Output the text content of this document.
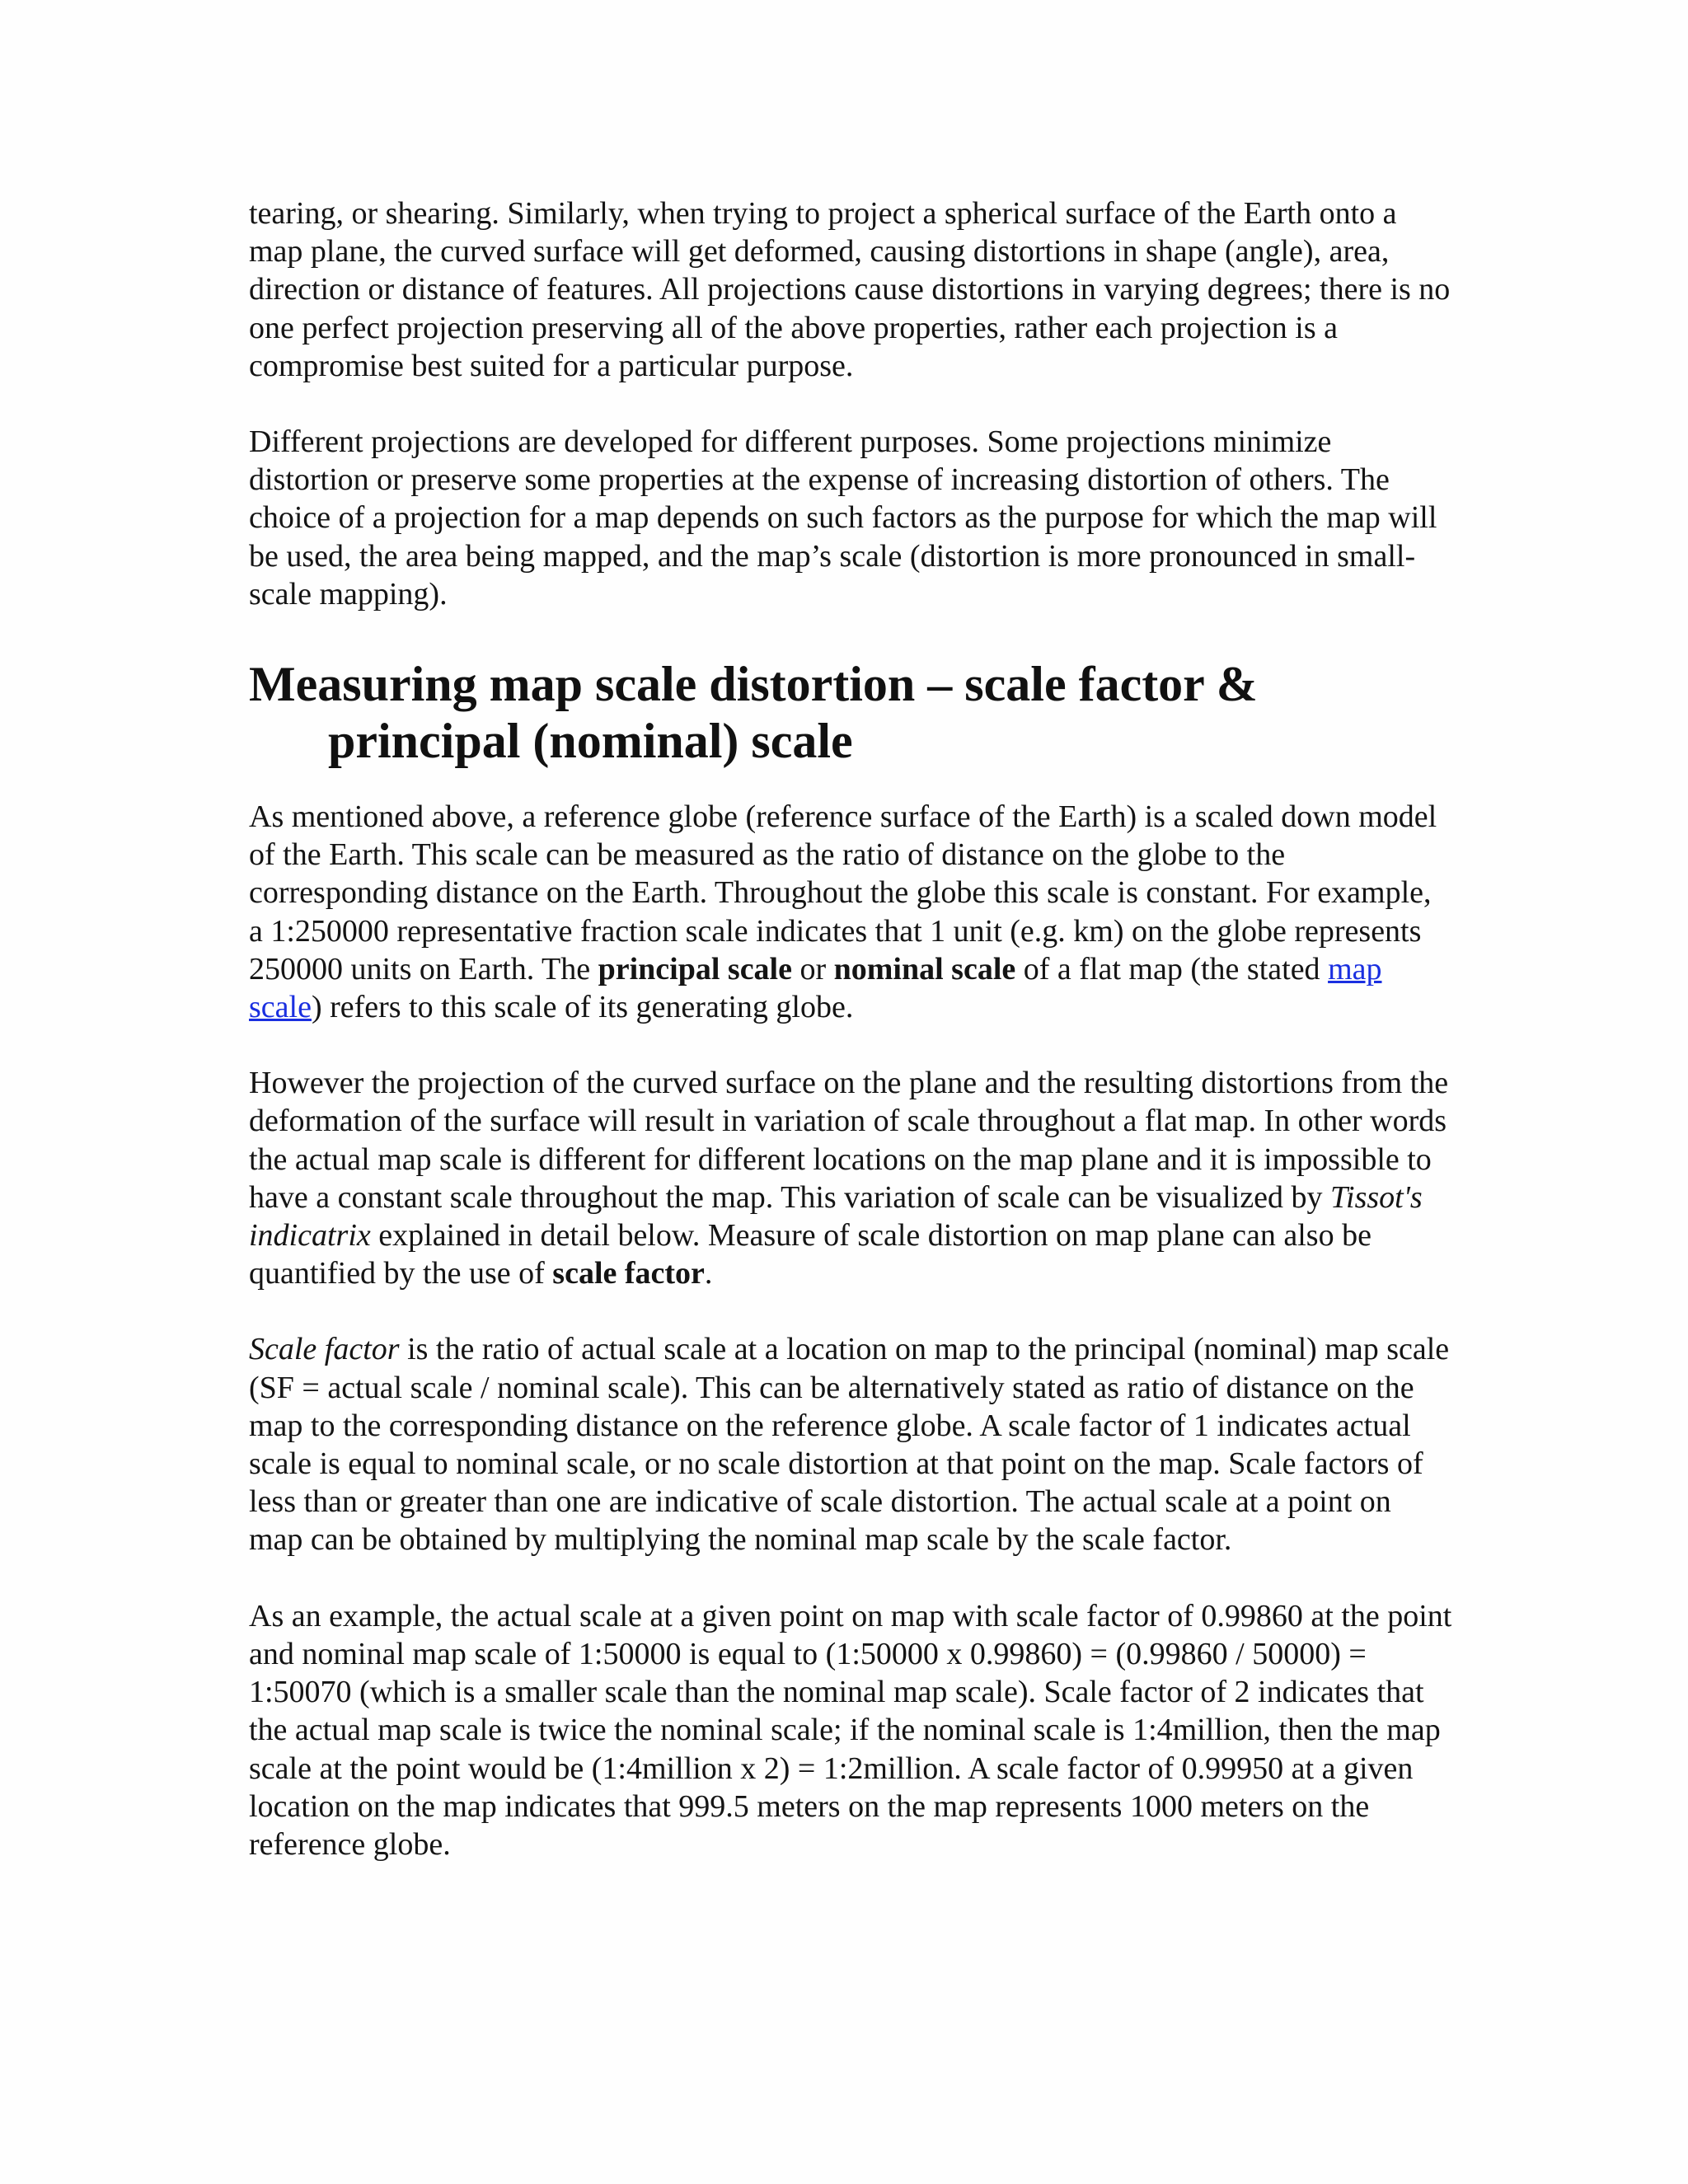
tearing, or shearing. Similarly, when trying to project a spherical surface of the Earth onto a map plane, the curved surface will get deformed, causing distortions in shape (angle), area, direction or distance of features. All projections cause distortions in varying degrees; there is no one perfect projection preserving all of the above properties, rather each projection is a compromise best suited for a particular purpose.

Different projections are developed for different purposes. Some projections minimize distortion or preserve some properties at the expense of increasing distortion of others. The choice of a projection for a map depends on such factors as the purpose for which the map will be used, the area being mapped, and the map’s scale (distortion is more pronounced in small-scale mapping).

Measuring map scale distortion – scale factor & principal (nominal) scale

As mentioned above, a reference globe (reference surface of the Earth) is a scaled down model of the Earth. This scale can be measured as the ratio of distance on the globe to the corresponding distance on the Earth. Throughout the globe this scale is constant. For example, a 1:250000 representative fraction scale indicates that 1 unit (e.g. km) on the globe represents 250000 units on Earth. The principal scale or nominal scale of a flat map (the stated map scale) refers to this scale of its generating globe.

However the projection of the curved surface on the plane and the resulting distortions from the deformation of the surface will result in variation of scale throughout a flat map. In other words the actual map scale is different for different locations on the map plane and it is impossible to have a constant scale throughout the map. This variation of scale can be visualized by Tissot's indicatrix explained in detail below. Measure of scale distortion on map plane can also be quantified by the use of scale factor.

Scale factor is the ratio of actual scale at a location on map to the principal (nominal) map scale (SF = actual scale / nominal scale). This can be alternatively stated as ratio of distance on the map to the corresponding distance on the reference globe. A scale factor of 1 indicates actual scale is equal to nominal scale, or no scale distortion at that point on the map. Scale factors of less than or greater than one are indicative of scale distortion. The actual scale at a point on map can be obtained by multiplying the nominal map scale by the scale factor.

As an example, the actual scale at a given point on map with scale factor of 0.99860 at the point and nominal map scale of 1:50000 is equal to (1:50000 x 0.99860) = (0.99860 / 50000) = 1:50070 (which is a smaller scale than the nominal map scale). Scale factor of 2 indicates that the actual map scale is twice the nominal scale; if the nominal scale is 1:4million, then the map scale at the point would be (1:4million x 2) = 1:2million. A scale factor of 0.99950 at a given location on the map indicates that 999.5 meters on the map represents 1000 meters on the reference globe.
